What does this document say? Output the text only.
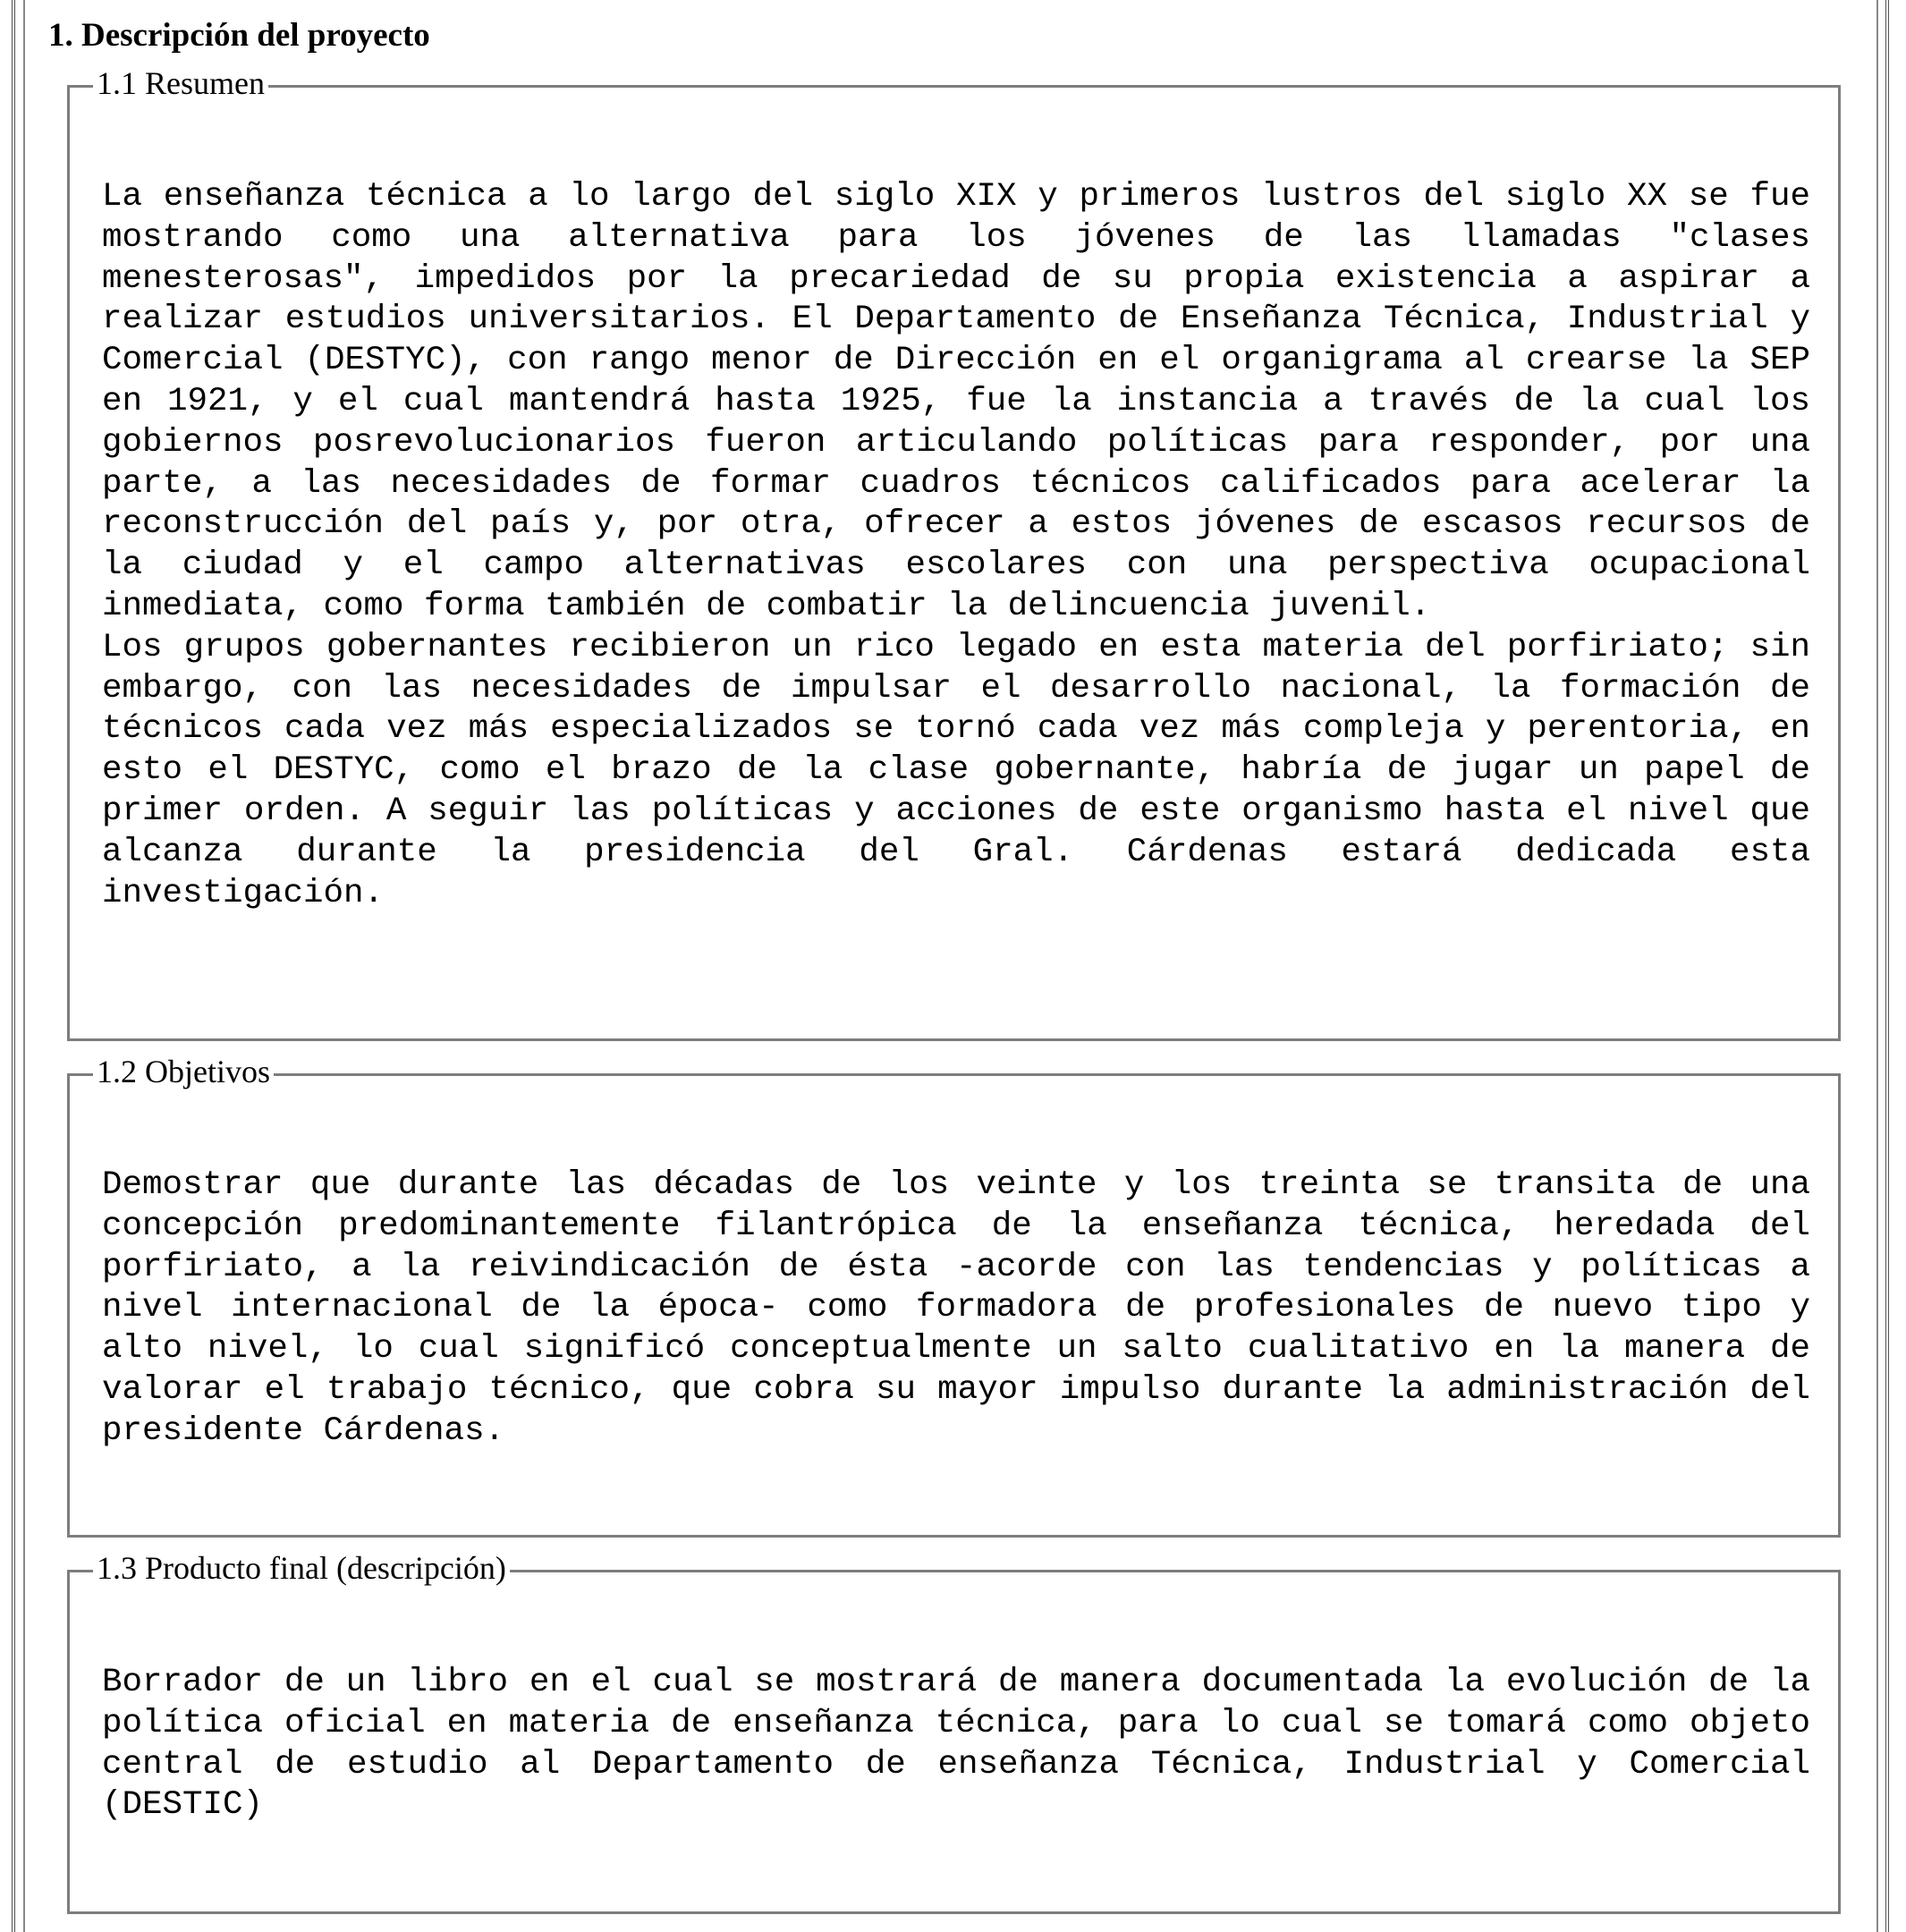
1. Descripción del proyecto
1.1 Resumen

La enseñanza técnica a lo largo del siglo XIX y primeros lustros del siglo XX se fue mostrando como una alternativa para los jóvenes de las llamadas "clases menesterosas", impedidos por la precariedad de su propia existencia a aspirar a realizar estudios universitarios. El Departamento de Enseñanza Técnica, Industrial y Comercial (DESTYC), con rango menor de Dirección en el organigrama al crearse la SEP en 1921, y el cual mantendrá hasta 1925, fue la instancia a través de la cual los gobiernos posrevolucionarios fueron articulando políticas para responder, por una parte, a las necesidades de formar cuadros técnicos calificados para acelerar la reconstrucción del país y, por otra, ofrecer a estos jóvenes de escasos recursos de la ciudad y el campo alternativas escolares con una perspectiva ocupacional inmediata, como forma también de combatir la delincuencia juvenil.

Los grupos gobernantes recibieron un rico legado en esta materia del porfiriato; sin embargo, con las necesidades de impulsar el desarrollo nacional, la formación de técnicos cada vez más especializados se tornó cada vez más compleja y perentoria, en esto el DESTYC, como el brazo de la clase gobernante, habría de jugar un papel de primer orden. A seguir las políticas y acciones de este organismo hasta el nivel que alcanza durante la presidencia del Gral. Cárdenas estará dedicada esta investigación.

1.2 Objetivos

Demostrar que durante las décadas de los veinte y los treinta se transita de una concepción predominantemente filantrópica de la enseñanza técnica, heredada del porfiriato, a la reivindicación de ésta -acorde con las tendencias y políticas a nivel internacional de la época- como formadora de profesionales de nuevo tipo y alto nivel, lo cual significó conceptualmente un salto cualitativo en la manera de valorar el trabajo técnico, que cobra su mayor impulso durante la administración del presidente Cárdenas.

1.3 Producto final (descripción)

Borrador de un libro en el cual se mostrará de manera documentada la evolución de la política oficial en materia de enseñanza técnica, para lo cual se tomará como objeto central de estudio al Departamento de enseñanza Técnica, Industrial y Comercial (DESTIC)
